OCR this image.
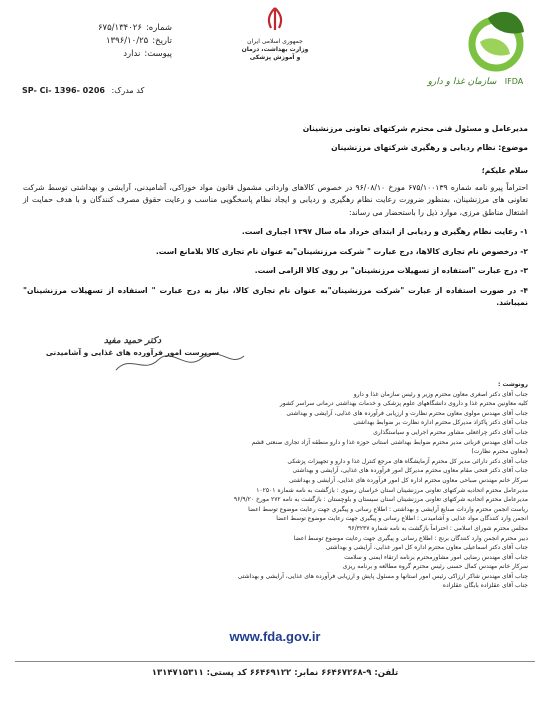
IFDA
سازمان غذا و دارو
جمهوری اسلامی ایران
وزارت بهداشت، درمان
و آموزش پزشکی
شماره:
۶۷۵/۱۳۴۰۲۶
تاریخ:
۱۳۹۶/۱۰/۲۵
پیوست:
ندارد
SP- Ci- 1396- 0206 کد مدرک:

مدیرعامل و مسئول فنی محترم شرکتهای تعاونی مرزنشینان

موضوع: نظام ردیابی و رهگیری شرکتهای مرزنشینان

سلام علیکم؛

احتراماً پیرو نامه شماره ۶۷۵/۱۰۰۱۳۹ مورخ ۹۶/۰۸/۱۰ در خصوص کالاهای وارداتی مشمول قانون مواد خوراکی، آشامیدنی، آرایشی و بهداشتی توسط شرکت تعاونی های مرزنشینان، بمنظور ضرورت رعایت نظام رهگیری و ردیابی و ایجاد نظام پاسخگویی مناسب و رعایت حقوق مصرف کنندگان و با هدف حمایت از اشتغال مناطق مرزی، موارد ذیل را باستحضار می رساند:

۱- رعایت نظام رهگیری و ردیابی از ابتدای خرداد ماه سال ۱۳۹۷ اجباری است.

۲- درخصوص نام تجاری کالاها، درج عبارت " شرکت مرزنشینان"به عنوان نام تجاری کالا بلامانع است.

۳- درج عبارت "استفاده از تسهیلات مرزنشینان" بر روی کالا الزامی است.

۴- در صورت استفاده از عبارت "شرکت مرزنشینان"به عنوان نام تجاری کالا، نیاز به درج عبارت " استفاده از تسهیلات مرزنشینان" نمیباشد.

دکتر حمید مفید
سرپرست امور فرآورده های غذایی و آشامیدنی
رونوشت :
جناب آقای دکتر اصغری معاون محترم وزیر و رئیس سازمان غذا و دارو
کلیه معاونین محترم غذا و داروی دانشگاههای علوم پزشکی و خدمات بهداشتی درمانی سراسر کشور
جناب آقای مهندس مولوی معاون محترم نظارت و ارزیابی فرآورده های غذایی، آرایشی و بهداشتی
جناب آقای دکتر پاکزاد مدیرکل محترم اداره نظارت بر ضوابط بهداشتی
جناب آقای دکتر چراغعلی مشاور محترم اجرایی و سیاستگذاری
جناب آقای مهندس قربانی مدیر محترم ضوابط بهداشتی استانی حوزه غذا و دارو منطقه آزاد تجاری صنعتی قشم
(معاون محترم نظارت)
جناب آقای دکتر دارائی مدیر کل محترم آزمایشگاه های مرجع کنترل غذا و دارو و تجهیزات پزشکی
جناب آقای دکتر فتحی مقام معاون محترم مدیرکل امور فرآورده های غذایی، آرایشی و بهداشتی
سرکار خانم مهندس صباحی معاون محترم اداره کل امور فرآورده های غذایی، آرایشی و بهداشتی
مدیرعامل محترم اتحادیه شرکتهای تعاونی مرزنشینان استان خراسان رضوی : بازگشت به نامه شماره ۱۰۲۵۰۱
مدیرعامل محترم اتحادیه شرکتهای تعاونی مرزنشینان استان سیستان و بلوچستان : بازگشت به نامه ۲۷۲ مورخ ۹۶/۹/۲۰
ریاست انجمن محترم واردات صنایع آرایشی و بهداشتی : اطلاع رسانی و پیگیری جهت رعایت موضوع توسط اعضا
انجمن وارد کنندگان مواد غذایی و آشامیدنی : اطلاع رسانی و پیگیری جهت رعایت موضوع توسط اعضا
مجلس محترم شورای اسلامی : احتراماً بازگشت به نامه شماره ۹۶/۳۲۳۷
دبیر محترم انجمن وارد کنندگان برنج : اطلاع رسانی و پیگیری جهت رعایت موضوع توسط اعضا
جناب آقای دکتر اسماعیلی معاون محترم اداره کل امور غذایی، آرایشی و بهداشتی
جناب آقای مهندس رضایی امور مشاورمحترم برنامه ارتقاء ایمنی و سلامت
سرکار خانم مهندس کمال حسنی رئیس محترم گروه مطالعه و برنامه ریزی
جناب آقای مهندس شاکر ارزاکی رئیس امور استانها و مسئول پایش و ارزیابی فرآورده های غذایی، آرایشی و بهداشتی
جناب آقای عقلزاده بایگان عقلزاده
www.fda.gov.ir
تلفن: ۹-۶۶۴۶۷۲۶۸ نمابر: ۶۶۴۶۹۱۲۲ کد پستی: ۱۳۱۴۷۱۵۳۱۱
